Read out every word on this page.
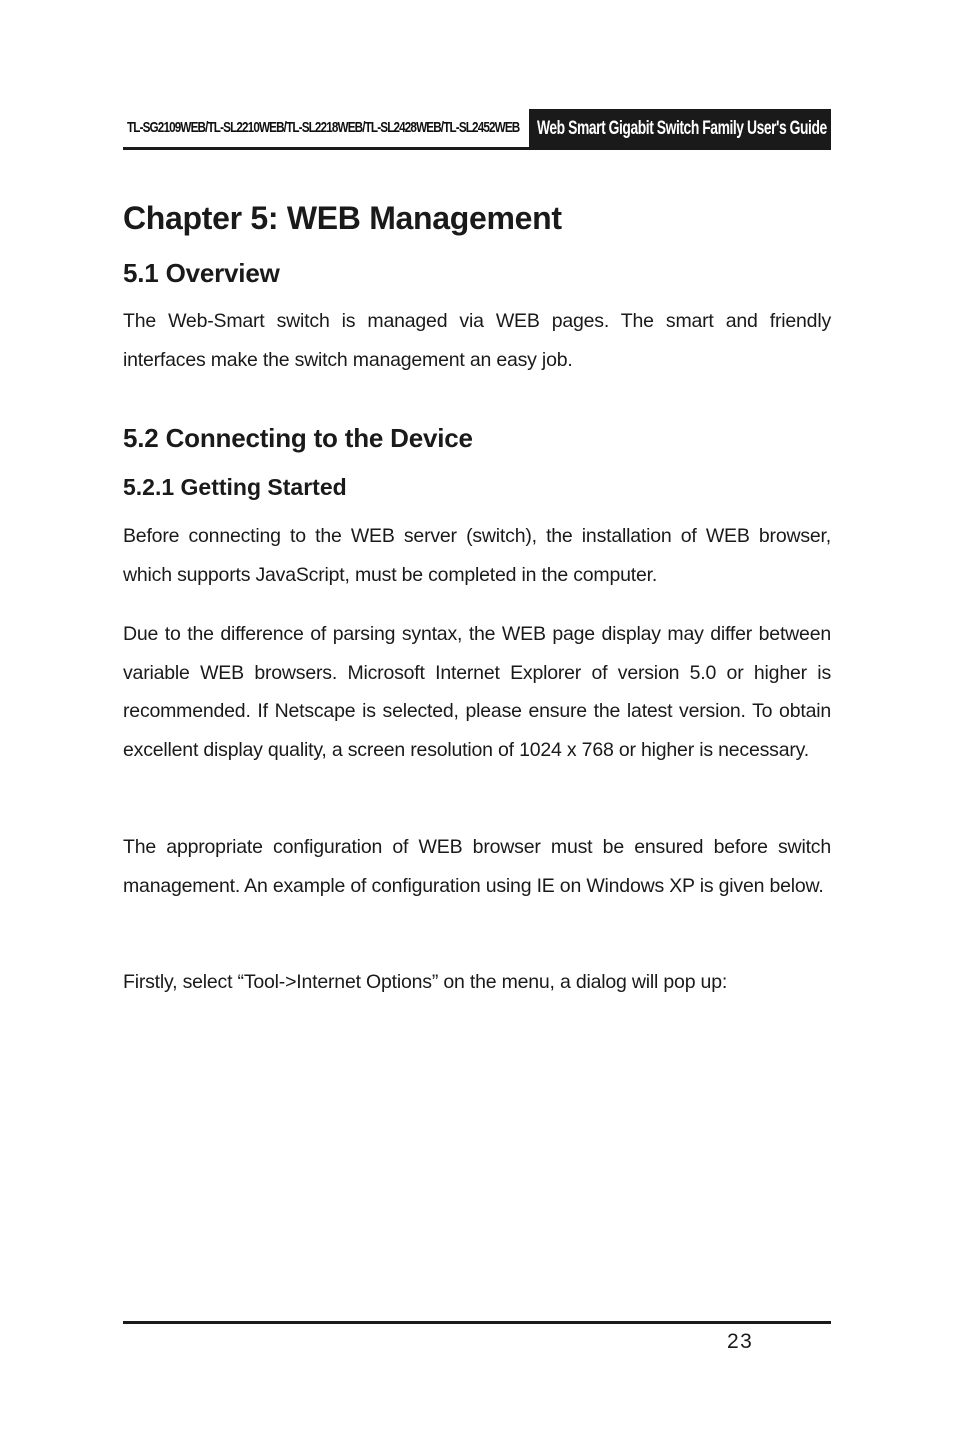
TL-SG2109WEB/TL-SL2210WEB/TL-SL2218WEB/TL-SL2428WEB/TL-SL2452WEB Web Smart Gigabit Switch Family User's Guide
Chapter 5: WEB Management
5.1 Overview

The Web-Smart switch is managed via WEB pages. The smart and friendly interfaces make the switch management an easy job.

5.2 Connecting to the Device
5.2.1 Getting Started

Before connecting to the WEB server (switch), the installation of WEB browser, which supports JavaScript, must be completed in the computer.

Due to the difference of parsing syntax, the WEB page display may differ between variable WEB browsers. Microsoft Internet Explorer of version 5.0 or higher is recommended. If Netscape is selected, please ensure the latest version. To obtain excellent display quality, a screen resolution of 1024 x 768 or higher is necessary.

The appropriate configuration of WEB browser must be ensured before switch management. An example of configuration using IE on Windows XP is given below.

Firstly, select “Tool->Internet Options” on the menu, a dialog will pop up:

23
